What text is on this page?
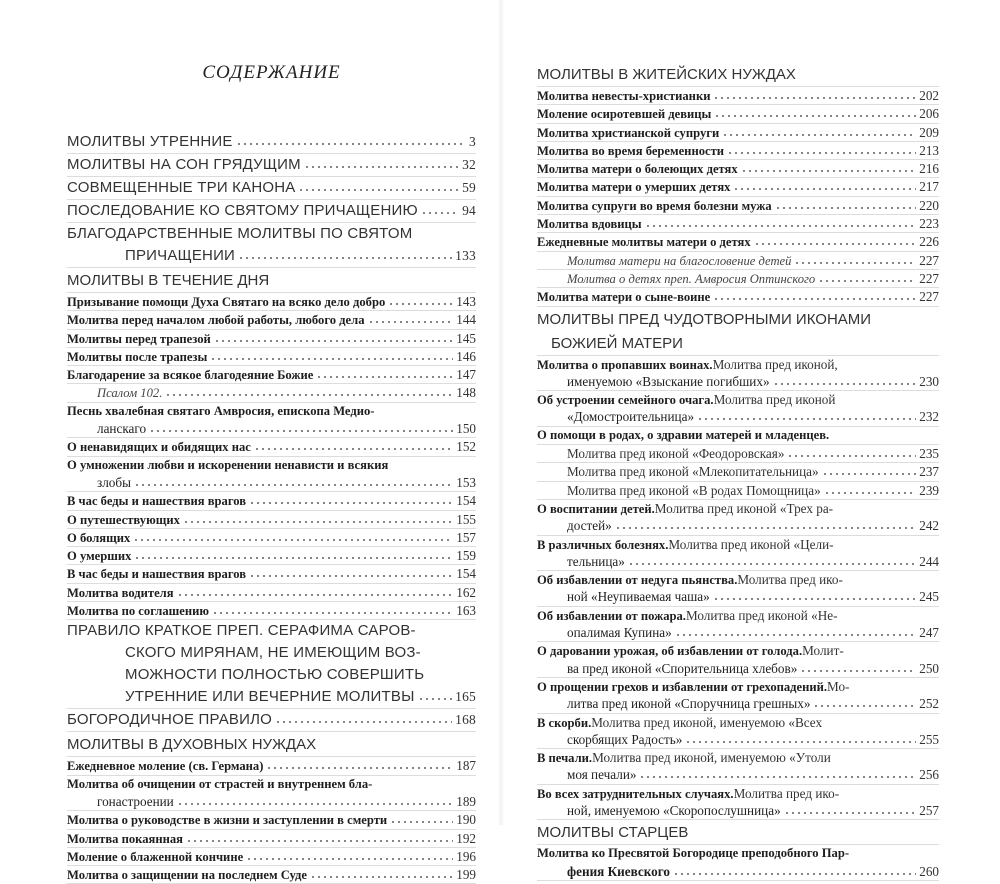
СОДЕРЖАНИЕ
МОЛИТВЫ УТРЕННИЕ	3
МОЛИТВЫ НА СОН ГРЯДУЩИМ	32
СОВМЕЩЕННЫЕ ТРИ КАНОНА	59
ПОСЛЕДОВАНИЕ КО СВЯТОМУ ПРИЧАЩЕНИЮ	94
БЛАГОДАРСТВЕННЫЕ МОЛИТВЫ ПО СВЯТОМ
ПРИЧАЩЕНИИ	133
МОЛИТВЫ В ТЕЧЕНИЕ ДНЯ
Призывание помощи Духа Святаго на всяко дело добро	143
Молитва перед началом любой работы, любого дела	144
Молитвы перед трапезой	145
Молитвы после трапезы	146
Благодарение за всякое благодеяние Божие	147
Псалом 102.	148
Песнь хвалебная святаго Амвросия, епископа Медио-
ланскаго	150
О ненавидящих и обидящих нас	152
О умножении любви и искоренении ненависти и всякия
злобы	153
В час беды и нашествия врагов	154
О путешествующих	155
О болящих	157
О умерших	159
В час беды и нашествия врагов	154
Молитва водителя	162
Молитва по соглашению	163
ПРАВИЛО КРАТКОЕ ПРЕП. СЕРАФИМА САРОВ-
СКОГО МИРЯНАМ, НЕ ИМЕЮЩИМ ВОЗ-
МОЖНОСТИ ПОЛНОСТЬЮ СОВЕРШИТЬ
УТРЕННИЕ ИЛИ ВЕЧЕРНИЕ МОЛИТВЫ	165
БОГОРОДИЧНОЕ ПРАВИЛО	168
МОЛИТВЫ В ДУХОВНЫХ НУЖДАХ
Ежедневное моление (св. Германа)	187
Молитва об очищении от страстей и внутреннем бла-
гонастроении	189
Молитва о руководстве в жизни и заступлении в смерти	190
Молитва покаянная	192
Моление о блаженной кончине	196
Молитва о защищении на последнем Суде	199
МОЛИТВЫ В ЖИТЕЙСКИХ НУЖДАХ
Молитва невесты-христианки	202
Моление осиротевшей девицы	206
Молитва христианской супруги	209
Молитва во время беременности	213
Молитва матери о болеющих детях	216
Молитва матери о умерших детях	217
Молитва супруги во время болезни мужа	220
Молитва вдовицы	223
Ежедневные молитвы матери о детях	226
Молитва матери на благословение детей	227
Молитва о детях преп. Амвросия Оптинского	227
Молитва матери о сыне-воине	227
МОЛИТВЫ ПРЕД ЧУДОТВОРНЫМИ ИКОНАМИ
БОЖИЕЙ МАТЕРИ
Молитва о пропавших воинах. Молитва пред иконой,
именуемою «Взыскание погибших»	230
Об устроении семейного очага. Молитва пред иконой
«Домостроительница»	232
О помощи в родах, о здравии матерей и младенцев.
Молитва пред иконой «Феодоровская»	235
Молитва пред иконой «Млекопитательница»	237
Молитва пред иконой «В родах Помощница»	239
О воспитании детей. Молитва пред иконой «Трех ра-
достей»	242
В различных болезнях. Молитва пред иконой «Цели-
тельница»	244
Об избавлении от недуга пьянства. Молитва пред ико-
ной «Неупиваемая чаша»	245
Об избавлении от пожара. Молитва пред иконой «Не-
опалимая Купина»	247
О даровании урожая, об избавлении от голода. Молит-
ва пред иконой «Спорительница хлебов»	250
О прощении грехов и избавлении от грехопадений. Мо-
литва пред иконой «Споручница грешных»	252
В скорби. Молитва пред иконой, именуемою «Всех
скорбящих Радость»	255
В печали. Молитва пред иконой, именуемою «Утоли
моя печали»	256
Во всех затруднительных случаях. Молитва пред ико-
ной, именуемою «Скоропослушница»	257
МОЛИТВЫ СТАРЦЕВ
Молитва ко Пресвятой Богородице преподобного Пар-
фения Киевского	260
